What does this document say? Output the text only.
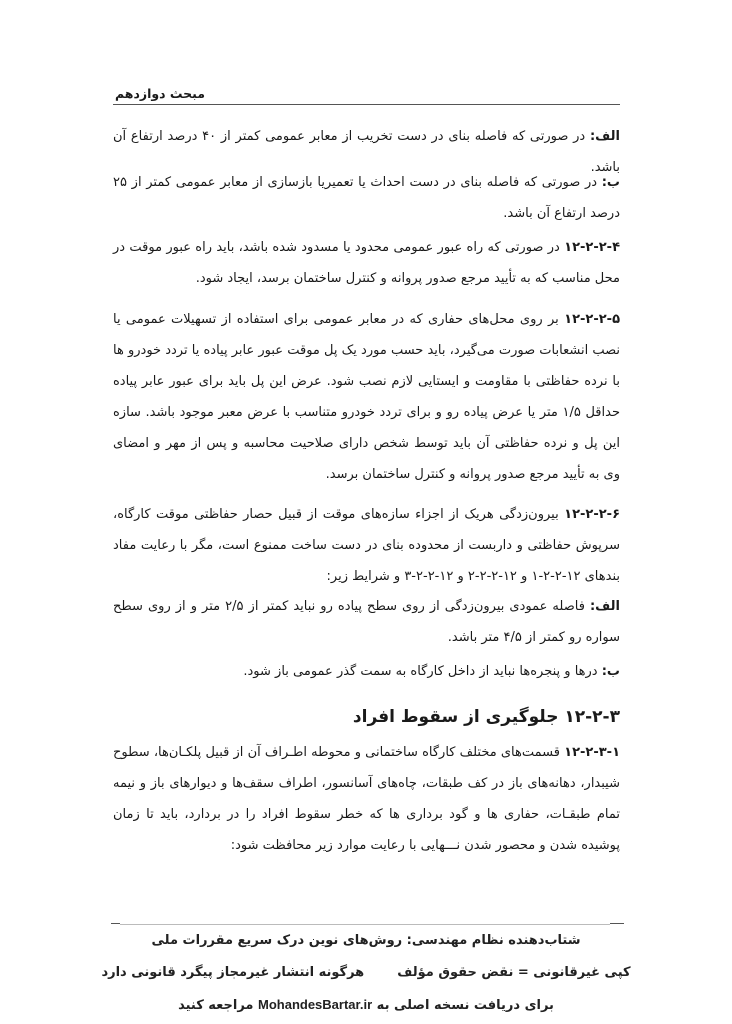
مبحث دوازدهم

الف: در صورتی که فاصله بنای در دست تخریب از معابر عمومی کمتر از ۴۰ درصد ارتفاع آن باشد.

ب: در صورتی که فاصله بنای در دست احداث یا تعمیریا بازسازی از معابر عمومی کمتر از ۲۵ درصد ارتفاع آن باشد.

۱۲-۲-۲-۴ در صورتی که راه عبور عمومی محدود یا مسدود شده باشد، باید راه عبور موقت در محل مناسب که به تأیید مرجع صدور پروانه و کنترل ساختمان برسد، ایجاد شود.

۱۲-۲-۲-۵ بر روی محل‌های حفاری که در معابر عمومی برای استفاده از تسهیلات عمومی یا نصب انشعابات صورت می‌گیرد، باید حسب مورد یک پل موقت عبور عابر پیاده یا تردد خودرو ها با نرده حفاظتی با مقاومت و ایستایی لازم نصب شود. عرض این پل باید برای عبور عابر پیاده حداقل ۱/۵ متر یا عرض پیاده رو و برای تردد خودرو متناسب با عرض معبر موجود باشد. سازه این پل و نرده حفاظتی آن باید توسط شخص دارای صلاحیت محاسبه و پس از مهر و امضای وی به تأیید مرجع صدور پروانه و کنترل ساختمان برسد.

۱۲-۲-۲-۶ بیرون‌زدگی هریک از اجزاء سازه‌های موقت از قبیل حصار حفاظتی موقت کارگاه، سرپوش حفاظتی و داربست از محدوده بنای در دست ساخت ممنوع است، مگر با رعایت مفاد بندهای ۱۲-۲-۲-۱ و ۱۲-۲-۲-۲ و ۱۲-۲-۲-۳ و شرایط زیر:

الف: فاصله عمودی بیرون‌زدگی از روی سطح پیاده رو نباید کمتر از ۲/۵ متر و از روی سطح سواره رو کمتر از ۴/۵ متر باشد.

ب: درها و پنجره‌ها نباید از داخل کارگاه به سمت گذر عمومی باز شود.

۱۲-۲-۳ جلوگیری از سقوط افراد

۱۲-۲-۳-۱ قسمت‌های مختلف کارگاه ساختمانی و محوطه اطـراف آن از قبیل پلکـان‌ها، سطوح شیبدار، دهانه‌های باز در کف طبقات، چاه‌های آسانسور، اطراف سقف‌ها و دیوارهای باز و نیمه تمام طبقـات، حفاری ها و گود برداری ها که خطر سقوط افراد را در بردارد، باید تا زمان پوشیده شدن و محصور شدن نـــهایی با رعایت موارد زیر محافظت شود:

شتاب‌دهنده نظام مهندسی: روش‌های نوین درک سریع مقررات ملی
کپی غیرقانونی = نقض حقوق مؤلف  هرگونه انتشار غیرمجاز پیگرد قانونی دارد
برای دریافت نسخه اصلی به MohandesBartar.ir مراجعه کنید
